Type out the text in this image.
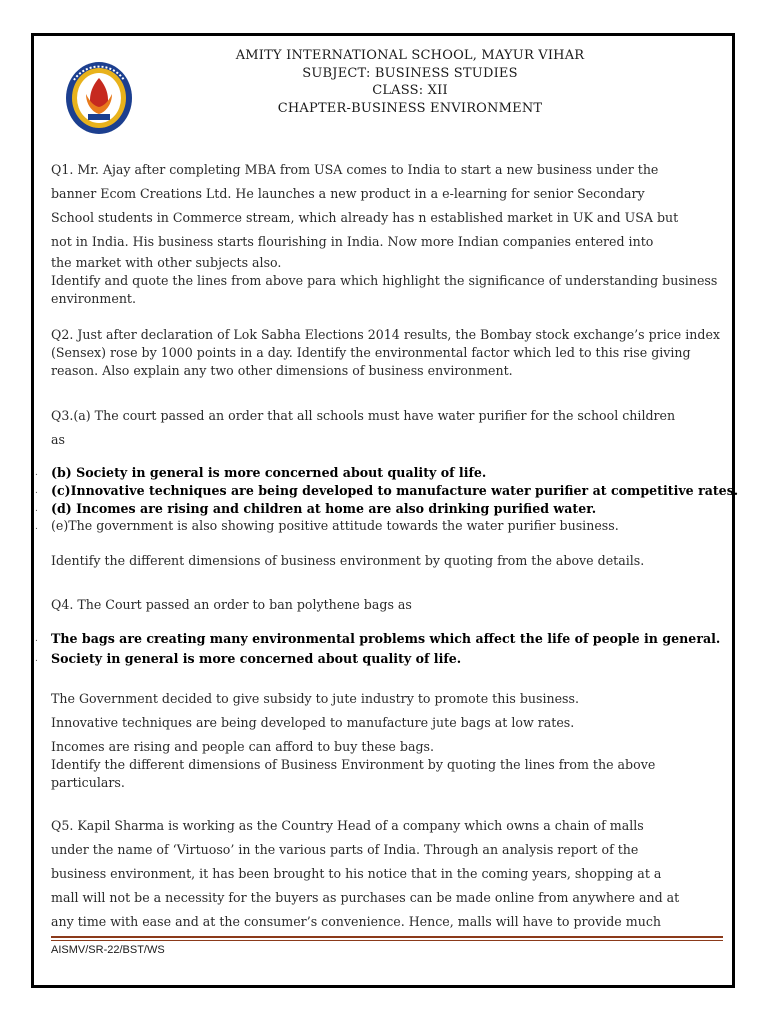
AMITY INTERNATIONAL SCHOOL, MAYUR VIHAR
SUBJECT: BUSINESS STUDIES
CLASS: XII
CHAPTER-BUSINESS ENVIRONMENT
Q1. Mr. Ajay after completing MBA from USA comes to India to start a new business under the
banner Ecom Creations Ltd. He launches a new product in a e-learning for senior Secondary
School students in Commerce stream, which already has n established market in UK and USA but
not in India. His business starts flourishing in India. Now more Indian companies entered into
the market with other subjects also.
Identify and quote the lines from above para which highlight the significance of understanding business environment.
Q2. Just after declaration of Lok Sabha Elections 2014 results, the Bombay stock exchange’s price index (Sensex) rose by 1000 points in a day. Identify the environmental factor which led to this rise giving reason. Also explain any two other dimensions of business environment.
Q3.(a) The court passed an order that all schools must have water purifier for the school children
as
.
.
.
.
(b) Society in general is more concerned about quality of life.
(c)Innovative techniques are being developed to manufacture water purifier at competitive rates.
(d) Incomes are rising and children at home are also drinking purified water.
(e)The government is also showing positive attitude towards the water purifier business.
Identify the different dimensions of business environment by quoting from the above details.
Q4. The Court passed an order to ban polythene bags as
.
.
The bags are creating many environmental problems which affect the life of people in general.
Society in general is more concerned about quality of life.
The Government decided to give subsidy to jute industry to promote this business.
Innovative techniques are being developed to manufacture jute bags at low rates.
Incomes are rising and people can afford to buy these bags.
Identify the different dimensions of Business Environment by quoting the lines from the above particulars.
Q5. Kapil Sharma is working as the Country Head of a company which owns a chain of malls
under the name of ‘Virtuoso’ in the various parts of India. Through an analysis report of the
business environment, it has been brought to his notice that in the coming years, shopping at a
mall will not be a necessity for the buyers as purchases can be made online from anywhere and at
any time with ease and at the consumer’s convenience. Hence, malls will have to provide much
AISMV/SR-22/BST/WS
